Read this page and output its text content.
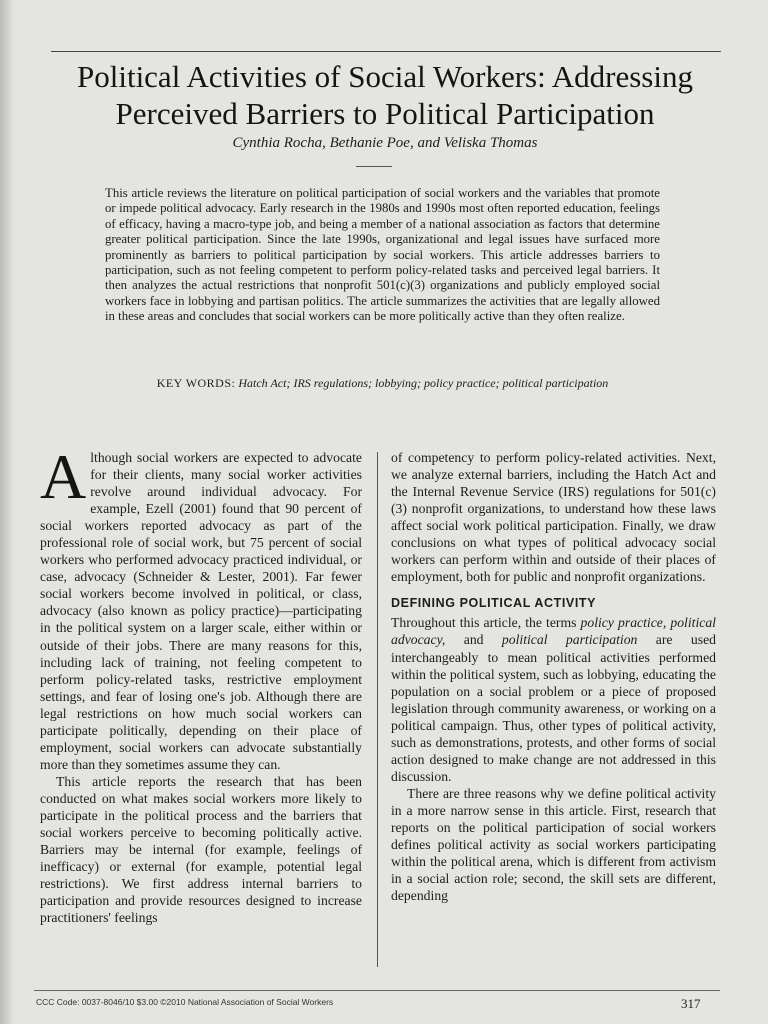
Political Activities of Social Workers: Addressing Perceived Barriers to Political Participation
Cynthia Rocha, Bethanie Poe, and Veliska Thomas
This article reviews the literature on political participation of social workers and the variables that promote or impede political advocacy. Early research in the 1980s and 1990s most often reported education, feelings of efficacy, having a macro-type job, and being a member of a national association as factors that determine greater political participation. Since the late 1990s, organizational and legal issues have surfaced more prominently as barriers to political participation by social workers. This article addresses barriers to participation, such as not feeling competent to perform policy-related tasks and perceived legal barriers. It then analyzes the actual restrictions that nonprofit 501(c)(3) organizations and publicly employed social workers face in lobbying and partisan politics. The article summarizes the activities that are legally allowed in these areas and concludes that social workers can be more politically active than they often realize.
KEY WORDS: Hatch Act; IRS regulations; lobbying; policy practice; political participation

Although social workers are expected to advocate for their clients, many social worker activities revolve around individual advocacy. For example, Ezell (2001) found that 90 percent of social workers reported advocacy as part of the professional role of social work, but 75 percent of social workers who performed advocacy practiced individual, or case, advocacy (Schneider & Lester, 2001). Far fewer social workers become involved in political, or class, advocacy (also known as policy practice)—participating in the political system on a larger scale, either within or outside of their jobs. There are many reasons for this, including lack of training, not feeling competent to perform policy-related tasks, restrictive employment settings, and fear of losing one's job. Although there are legal restrictions on how much social workers can participate politically, depending on their place of employment, social workers can advocate substantially more than they sometimes assume they can.

This article reports the research that has been conducted on what makes social workers more likely to participate in the political process and the barriers that social workers perceive to becoming politically active. Barriers may be internal (for example, feelings of inefficacy) or external (for example, potential legal restrictions). We first address internal barriers to participation and provide resources designed to increase practitioners' feelings

of competency to perform policy-related activities. Next, we analyze external barriers, including the Hatch Act and the Internal Revenue Service (IRS) regulations for 501(c)(3) nonprofit organizations, to understand how these laws affect social work political participation. Finally, we draw conclusions on what types of political advocacy social workers can perform within and outside of their places of employment, both for public and nonprofit organizations.

DEFINING POLITICAL ACTIVITY

Throughout this article, the terms policy practice, political advocacy, and political participation are used interchangeably to mean political activities performed within the political system, such as lobbying, educating the population on a social problem or a piece of proposed legislation through community awareness, or working on a political campaign. Thus, other types of political activity, such as demonstrations, protests, and other forms of social action designed to make change are not addressed in this discussion.

There are three reasons why we define political activity in a more narrow sense in this article. First, research that reports on the political participation of social workers defines political activity as social workers participating within the political arena, which is different from activism in a social action role; second, the skill sets are different, depending

CCC Code: 0037-8046/10 $3.00 ©2010 National Association of Social Workers	317
